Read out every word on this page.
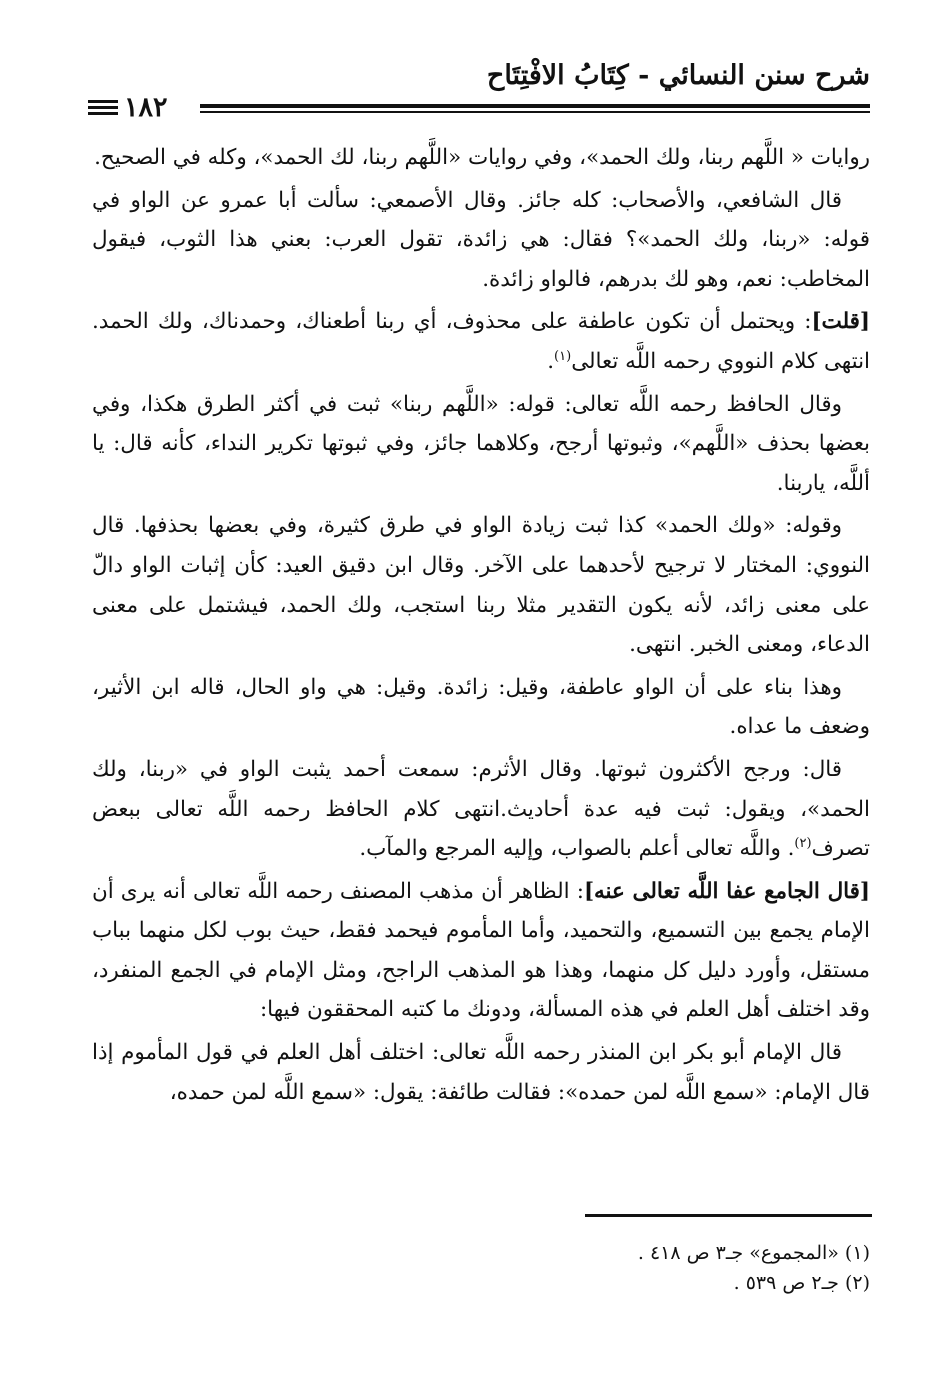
شرح سنن النسائي - كِتَابُ الافْتِتَاح
١٨٢

روايات « اللَّهم ربنا، ولك الحمد»، وفي روايات «اللَّهم ربنا، لك الحمد»، وكله في الصحيح.

قال الشافعي، والأصحاب: كله جائز. وقال الأصمعي: سألت أبا عمرو عن الواو في قوله: «ربنا، ولك الحمد»؟ فقال: هي زائدة، تقول العرب: بعني هذا الثوب، فيقول المخاطب: نعم، وهو لك بدرهم، فالواو زائدة.

[قلت]: ويحتمل أن تكون عاطفة على محذوف، أي ربنا أطعناك، وحمدناك، ولك الحمد. انتهى كلام النووي رحمه اللَّه تعالى$^{(١)}$.

وقال الحافظ رحمه اللَّه تعالى: قوله: «اللَّهم ربنا» ثبت في أكثر الطرق هكذا، وفي بعضها بحذف «اللَّهم»، وثبوتها أرجح، وكلاهما جائز، وفي ثبوتها تكرير النداء، كأنه قال: يا أللَّه، ياربنا.

وقوله: «ولك الحمد» كذا ثبت زيادة الواو في طرق كثيرة، وفي بعضها بحذفها. قال النووي: المختار لا ترجيح لأحدهما على الآخر. وقال ابن دقيق العيد: كأن إثبات الواو دالّ على معنى زائد، لأنه يكون التقدير مثلا ربنا استجب، ولك الحمد، فيشتمل على معنى الدعاء، ومعنى الخبر. انتهى.

وهذا بناء على أن الواو عاطفة، وقيل: زائدة. وقيل: هي واو الحال، قاله ابن الأثير، وضعف ما عداه.

قال: ورجح الأكثرون ثبوتها. وقال الأثرم: سمعت أحمد يثبت الواو في «ربنا، ولك الحمد»، ويقول: ثبت فيه عدة أحاديث.انتهى كلام الحافظ رحمه اللَّه تعالى ببعض تصرف$^{(٢)}$. واللَّه تعالى أعلم بالصواب، وإليه المرجع والمآب.

[قال الجامع عفا اللَّه تعالى عنه]: الظاهر أن مذهب المصنف رحمه اللَّه تعالى أنه يرى أن الإمام يجمع بين التسميع، والتحميد، وأما المأموم فيحمد فقط، حيث بوب لكل منهما بباب مستقل، وأورد دليل كل منهما، وهذا هو المذهب الراجح، ومثل الإمام في الجمع المنفرد، وقد اختلف أهل العلم في هذه المسألة، ودونك ما كتبه المحققون فيها:

قال الإمام أبو بكر ابن المنذر رحمه اللَّه تعالى: اختلف أهل العلم في قول المأموم إذا قال الإمام: «سمع اللَّه لمن حمده»: فقالت طائفة: يقول: «سمع اللَّه لمن حمده،

(١) «المجموع» جـ٣ ص ٤١٨ .
(٢) جـ٢ ص ٥٣٩ .
